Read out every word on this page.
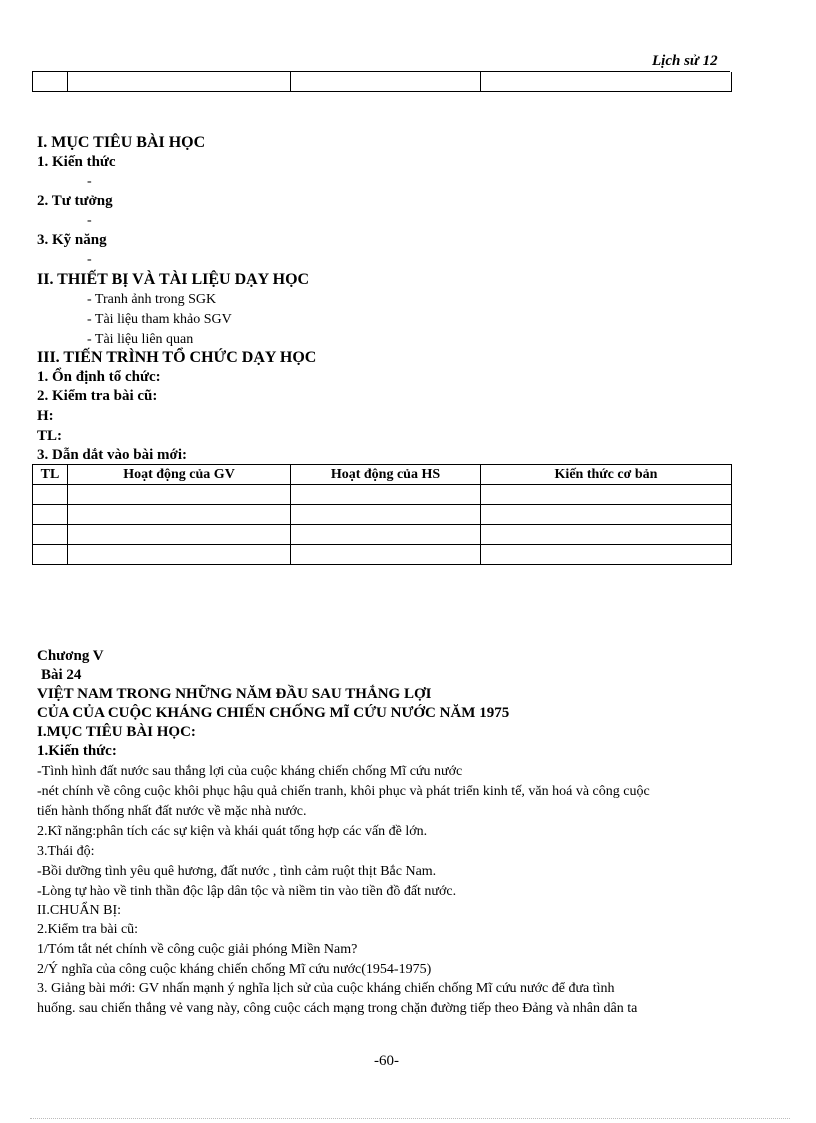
Lịch sử 12

I. MỤC TIÊU BÀI HỌC
1. Kiến thức
-
2. Tư tưởng
-
3. Kỹ năng
-
II. THIẾT BỊ VÀ TÀI LIỆU DẠY HỌC
- Tranh ảnh trong SGK
- Tài liệu tham khảo SGV
- Tài liệu liên quan
III. TIẾN TRÌNH TỔ CHỨC DẠY HỌC
1. Ổn định tổ chức:
2. Kiểm tra bài cũ:
H:
TL:
3. Dẫn dắt vào bài mới:
TL	Hoạt động của GV	Hoạt động của HS	Kiến thức cơ bản

Chương V
Bài 24
VIỆT NAM TRONG NHỮNG NĂM ĐẦU SAU THẮNG LỢI
CỦA CỦA CUỘC KHÁNG CHIẾN CHỐNG MĨ CỨU NƯỚC NĂM 1975
I.MỤC TIÊU BÀI HỌC:
1.Kiến thức:
-Tình hình đất nước sau thắng lợi của cuộc kháng chiến chống Mĩ cứu nước
-nét chính về công cuộc khôi phục hậu quả chiến tranh, khôi phục và phát triển kinh tế, văn hoá và công cuộc
tiến hành thống nhất đất nước về mặc nhà nước.
2.Kĩ năng:phân tích các sự kiện và khái quát tổng hợp các vấn đề lớn.
3.Thái độ:
-Bồi dưỡng tình yêu quê hương, đất nước , tình cảm ruột thịt Bắc Nam.
-Lòng tự hào về tinh thần độc lập dân tộc và niềm tin vào tiền đồ đất nước.
II.CHUẨN BỊ:
2.Kiểm tra bài cũ:
1/Tóm tắt nét chính về công cuộc giải phóng Miền Nam?
2/Ý nghĩa của công cuộc kháng chiến chống Mĩ cứu nước(1954-1975)
3. Giảng bài mới: GV nhấn mạnh ý nghĩa lịch sử của cuộc kháng chiến chống Mĩ cứu nước để đưa tình
huống. sau chiến thắng vẻ vang này, công cuộc cách mạng trong chặn đường tiếp theo Đảng và nhân dân ta
-60-
